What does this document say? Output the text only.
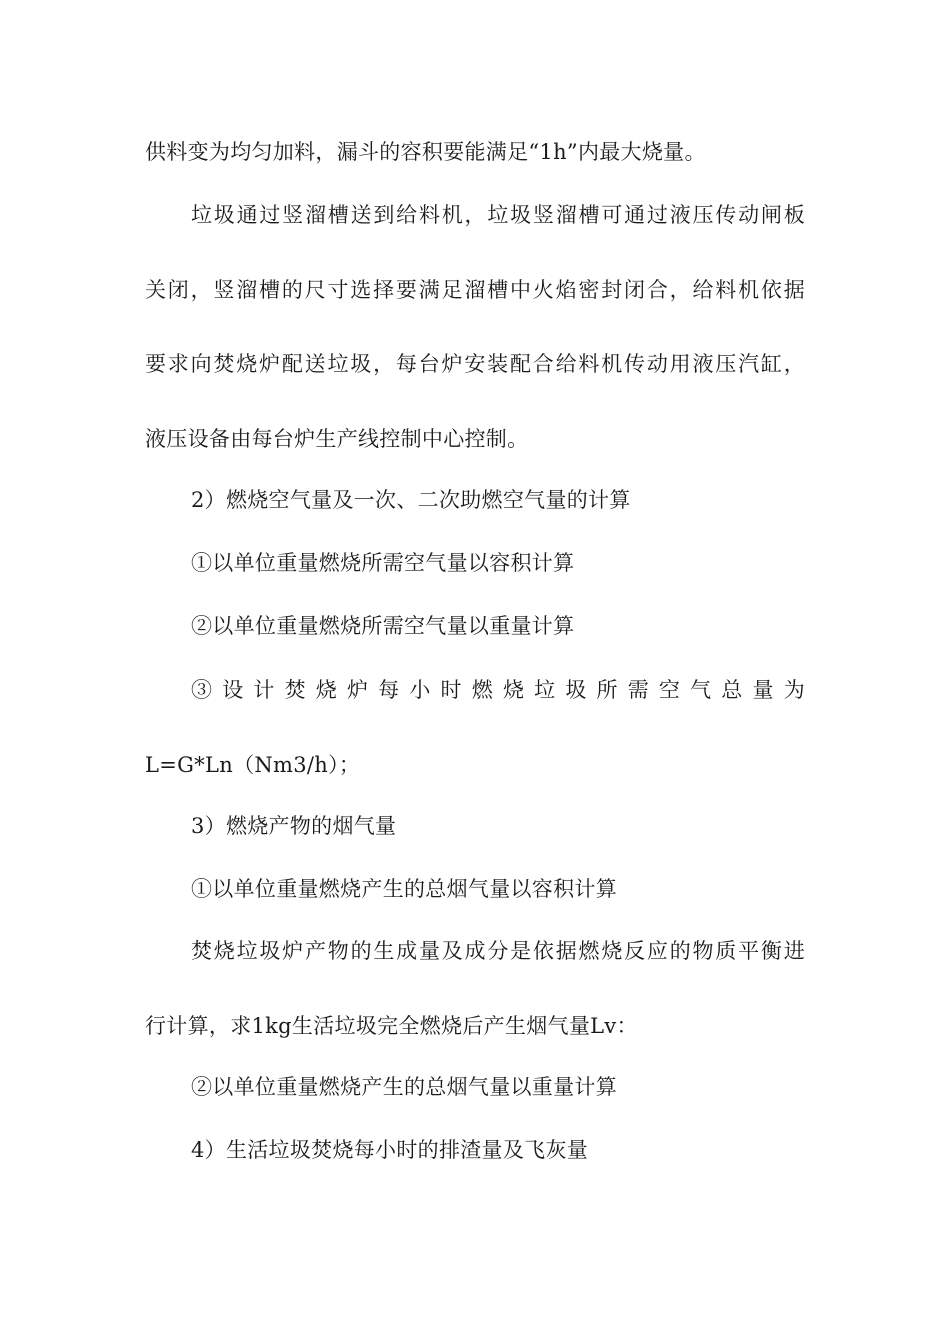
供料变为均匀加料，漏斗的容积要能满足“1h”内最大烧量。
垃圾通过竖溜槽送到给料机，垃圾竖溜槽可通过液压传动闸板
关闭，竖溜槽的尺寸选择要满足溜槽中火焰密封闭合，给料机依据
要求向焚烧炉配送垃圾，每台炉安装配合给料机传动用液压汽缸，
液压设备由每台炉生产线控制中心控制。
2）燃烧空气量及一次、二次助燃空气量的计算
①以单位重量燃烧所需空气量以容积计算
②以单位重量燃烧所需空气量以重量计算
③设计焚烧炉每小时燃烧垃圾所需空气总量为
L=G*Ln（Nm3/h）；
3）燃烧产物的烟气量
①以单位重量燃烧产生的总烟气量以容积计算
焚烧垃圾炉产物的生成量及成分是依据燃烧反应的物质平衡进
行计算，求1kg生活垃圾完全燃烧后产生烟气量Lv：
②以单位重量燃烧产生的总烟气量以重量计算
4）生活垃圾焚烧每小时的排渣量及飞灰量
